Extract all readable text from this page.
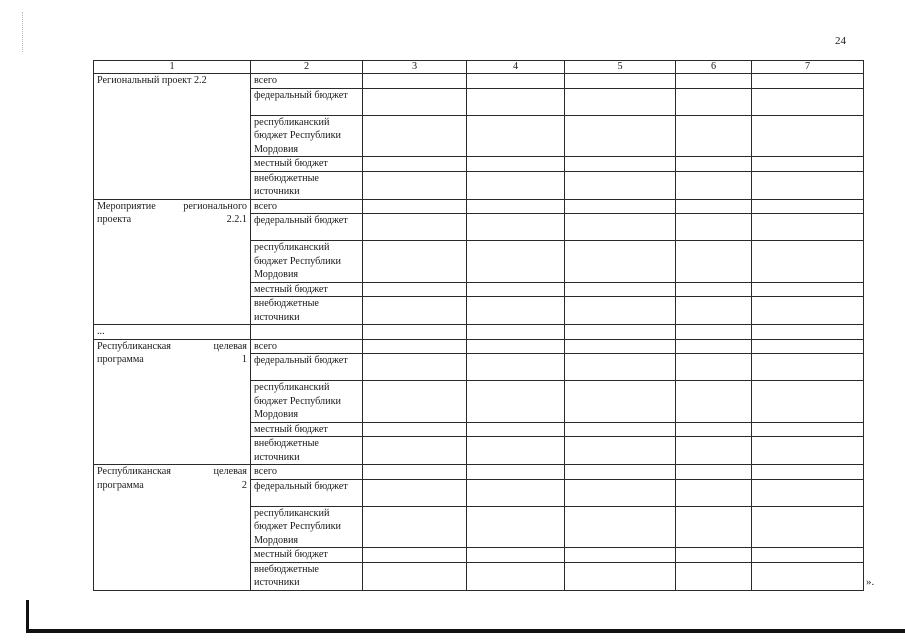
24
1	2	3	4	5	6	7
Региональный проект 2.2	всего					
	федеральный бюджет					
	республиканский бюджет Республики Мордовия					
	местный бюджет					
	внебюджетные источники					
Мероприятие регионального проекта 2.2.1	всего					
	федеральный бюджет					
	республиканский бюджет Республики Мордовия					
	местный бюджет					
	внебюджетные источники					
...						
Республиканская целевая программа 1	всего					
	федеральный бюджет					
	республиканский бюджет Республики Мордовия					
	местный бюджет					
	внебюджетные источники					
Республиканская целевая программа 2	всего					
	федеральный бюджет					
	республиканский бюджет Республики Мордовия					
	местный бюджет					
	внебюджетные источники						».
